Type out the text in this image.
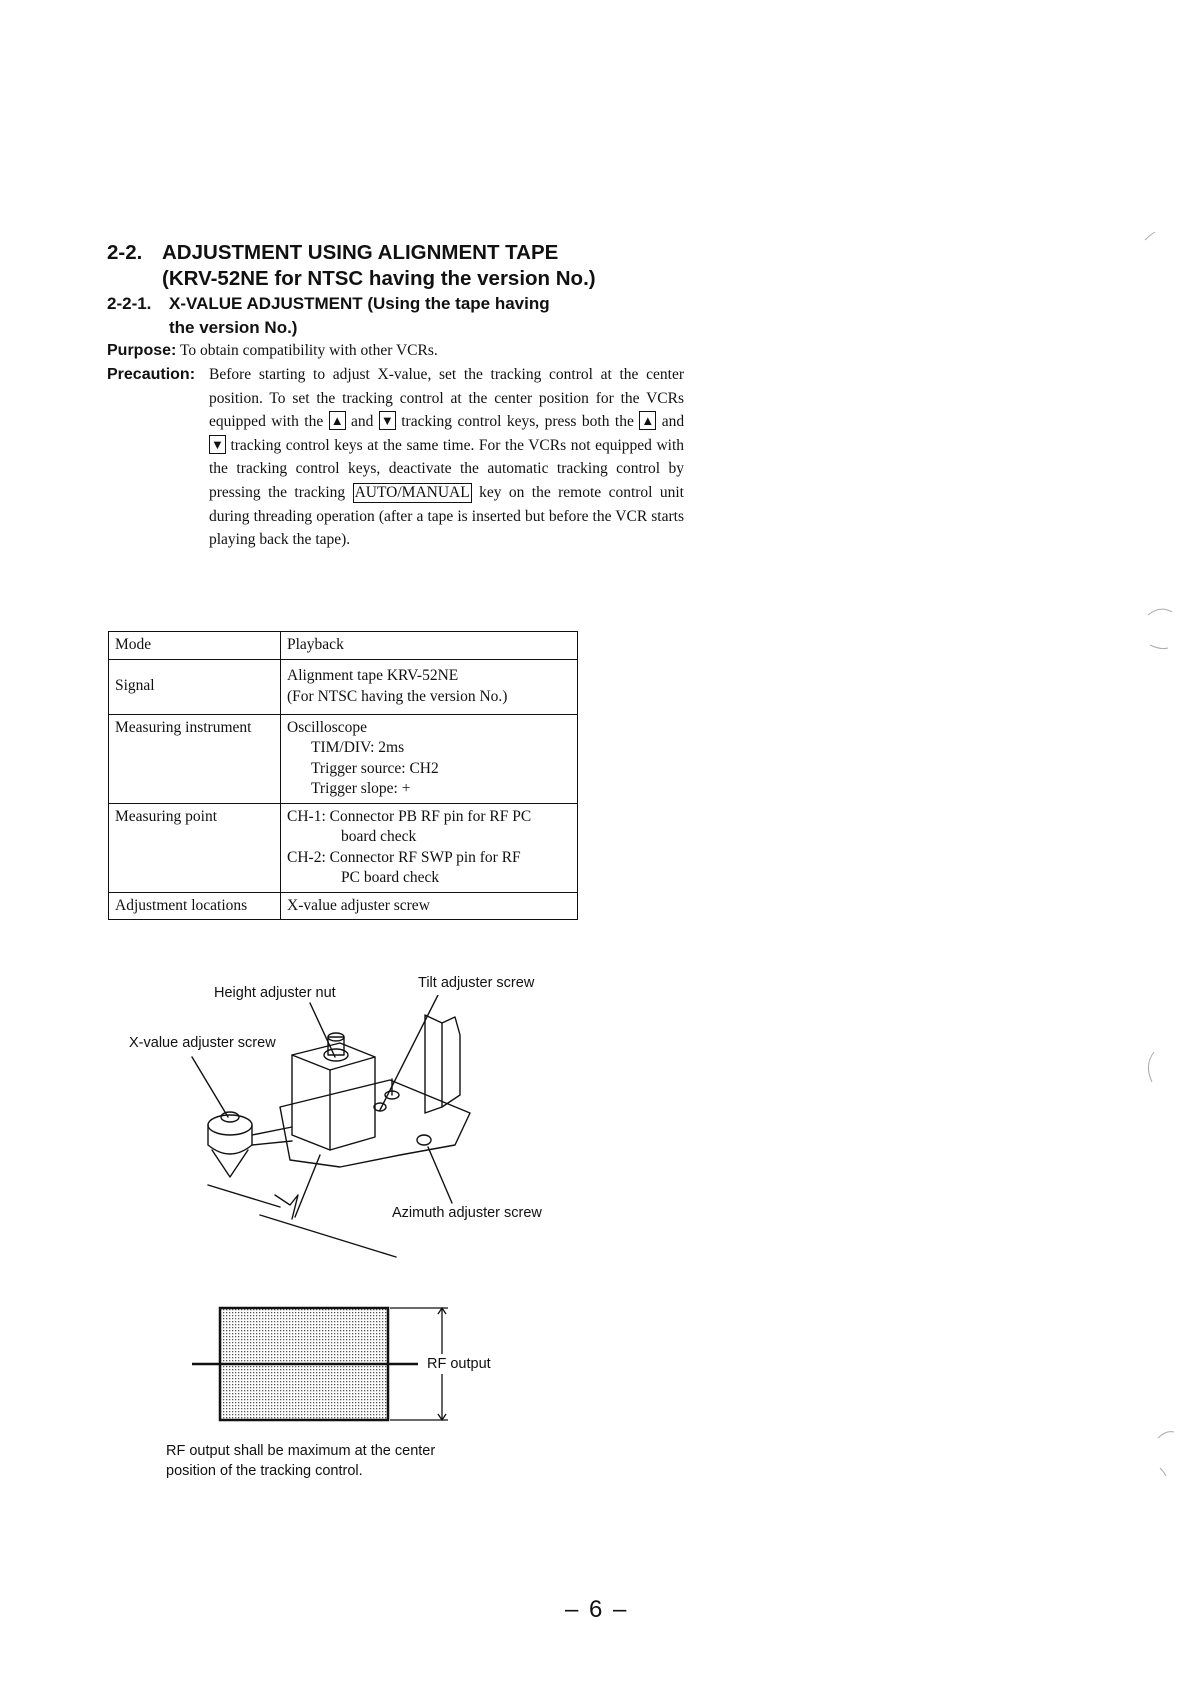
2-2. ADJUSTMENT USING ALIGNMENT TAPE
(KRV-52NE for NTSC having the version No.)
2-2-1. X-VALUE ADJUSTMENT (Using the tape having
the version No.)
Purpose: To obtain compatibility with other VCRs.
Precaution: Before starting to adjust X-value, set the tracking control at the center position. To set the tracking control at the center position for the VCRs equipped with the ▲ and ▼ tracking control keys, press both the ▲ and ▼ tracking control keys at the same time. For the VCRs not equipped with the tracking control keys, deactivate the automatic tracking control by pressing the tracking AUTO/MANUAL key on the remote control unit during threading operation (after a tape is inserted but before the VCR starts playing back the tape).
Mode	Playback
Signal	Alignment tape KRV-52NE
(For NTSC having the version No.)

Measuring instrument	Oscilloscope
TIM/DIV: 2ms
Trigger source: CH2
Trigger slope: +

Measuring point	CH-1: Connector PB RF pin for RF PC
board check
CH-2: Connector RF SWP pin for RF
PC board check

Adjustment locations	X-value adjuster screw
Height adjuster nut
Tilt adjuster screw
X-value adjuster screw
Azimuth adjuster screw
RF output
RF output shall be maximum at the center
position of the tracking control.
– 6 –
